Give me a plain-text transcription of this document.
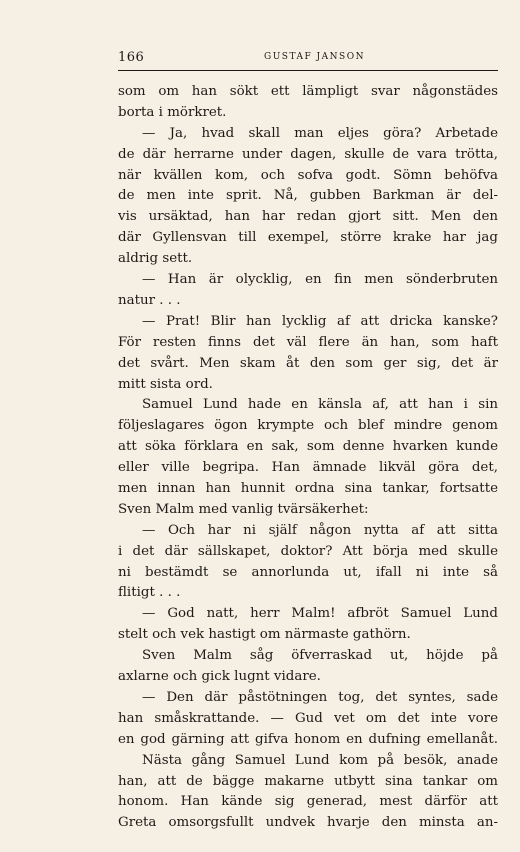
166	GUSTAF JANSON
som om han sökt ett lämpligt svar någonstädes
borta i mörkret.
— Ja, hvad skall man eljes göra? Arbetade
de där herrarne under dagen, skulle de vara trötta,
när kvällen kom, och sofva godt. Sömn behöfva
de men inte sprit. Nå, gubben Barkman är del-
vis ursäktad, han har redan gjort sitt. Men den
där Gyllensvan till exempel, större krake har jag
aldrig sett.
— Han är olycklig, en fin men sönderbruten
natur . . .
— Prat! Blir han lycklig af att dricka kanske?
För resten finns det väl flere än han, som haft
det svårt. Men skam åt den som ger sig, det är
mitt sista ord.
Samuel Lund hade en känsla af, att han i sin
följeslagares ögon krympte och blef mindre genom
att söka förklara en sak, som denne hvarken kunde
eller ville begripa. Han ämnade likväl göra det,
men innan han hunnit ordna sina tankar, fortsatte
Sven Malm med vanlig tvärsäkerhet:
— Och har ni själf någon nytta af att sitta
i det där sällskapet, doktor? Att börja med skulle
ni bestämdt se annorlunda ut, ifall ni inte så
flitigt . . .
— God natt, herr Malm! afbröt Samuel Lund
stelt och vek hastigt om närmaste gathörn.
Sven Malm såg öfverraskad ut, höjde på
axlarne och gick lugnt vidare.
— Den där påstötningen tog, det syntes, sade
han småskrattande. — Gud vet om det inte vore
en god gärning att gifva honom en dufning emellanåt.
Nästa gång Samuel Lund kom på besök, anade
han, att de bägge makarne utbytt sina tankar om
honom. Han kände sig generad, mest därför att
Greta omsorgsfullt undvek hvarje den minsta an-
